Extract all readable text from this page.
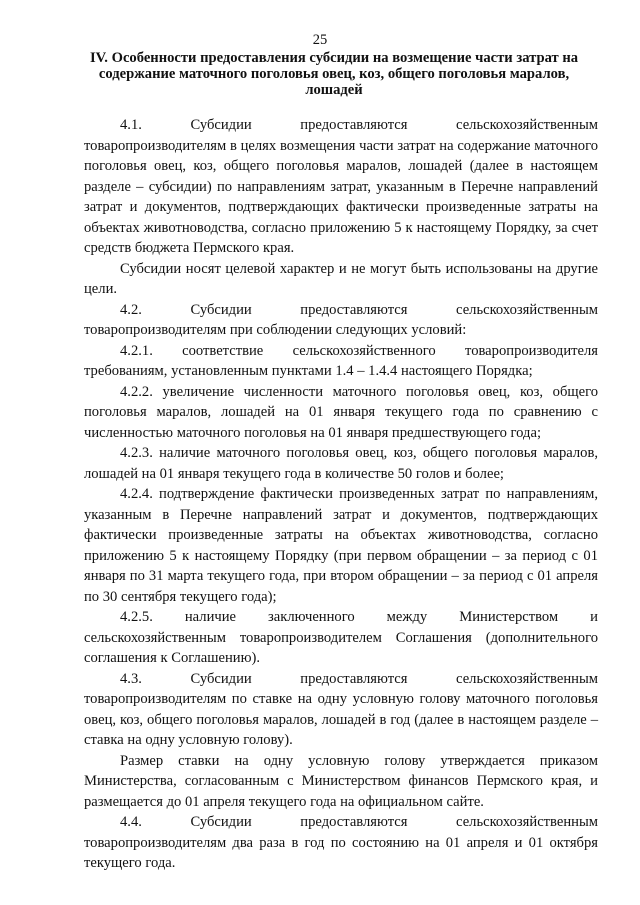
25
IV. Особенности предоставления субсидии на возмещение части затрат на содержание маточного поголовья овец, коз, общего поголовья маралов, лошадей

4.1. Субсидии предоставляются сельскохозяйственным товаропроизводителям в целях возмещения части затрат на содержание маточного поголовья овец, коз, общего поголовья маралов, лошадей (далее в настоящем разделе – субсидии) по направлениям затрат, указанным в Перечне направлений затрат и документов, подтверждающих фактически произведенные затраты на объектах животноводства, согласно приложению 5 к настоящему Порядку, за счет средств бюджета Пермского края.

Субсидии носят целевой характер и не могут быть использованы на другие цели.

4.2. Субсидии предоставляются сельскохозяйственным товаропроизводителям при соблюдении следующих условий:

4.2.1. соответствие сельскохозяйственного товаропроизводителя требованиям, установленным пунктами 1.4 – 1.4.4 настоящего Порядка;

4.2.2. увеличение численности маточного поголовья овец, коз, общего поголовья маралов, лошадей на 01 января текущего года по сравнению с численностью маточного поголовья на 01 января предшествующего года;

4.2.3. наличие маточного поголовья овец, коз, общего поголовья маралов, лошадей на 01 января текущего года в количестве 50 голов и более;

4.2.4. подтверждение фактически произведенных затрат по направлениям, указанным в Перечне направлений затрат и документов, подтверждающих фактически произведенные затраты на объектах животноводства, согласно приложению 5 к настоящему Порядку (при первом обращении – за период с 01 января по 31 марта текущего года, при втором обращении – за период с 01 апреля по 30 сентября текущего года);

4.2.5. наличие заключенного между Министерством и сельскохозяйственным товаропроизводителем Соглашения (дополнительного соглашения к Соглашению).

4.3. Субсидии предоставляются сельскохозяйственным товаропроизводителям по ставке на одну условную голову маточного поголовья овец, коз, общего поголовья маралов, лошадей в год (далее в настоящем разделе – ставка на одну условную голову).

Размер ставки на одну условную голову утверждается приказом Министерства, согласованным с Министерством финансов Пермского края, и размещается до 01 апреля текущего года на официальном сайте.

4.4. Субсидии предоставляются сельскохозяйственным товаропроизводителям два раза в год по состоянию на 01 апреля и 01 октября текущего года.
